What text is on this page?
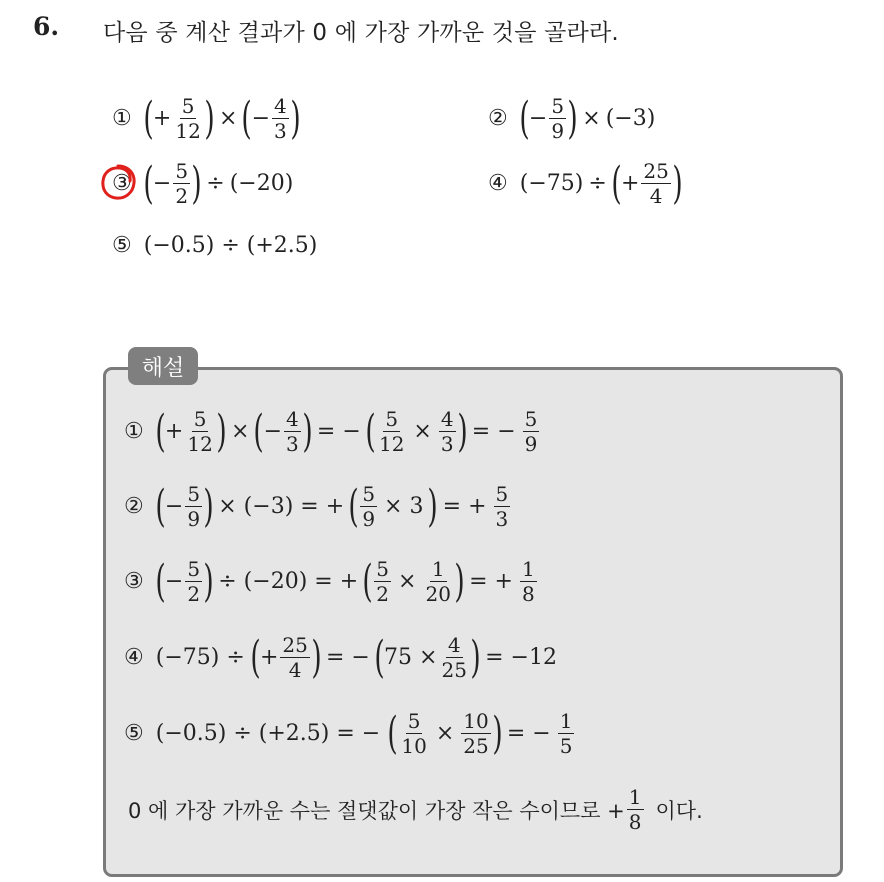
6. 다음 중 계산 결과가 0 에 가장 가까운 것을 골라라.
① ( + $\frac{5}{12}$ ) × ( − $\frac{4}{3}$ )	② ( − $\frac{5}{9}$ ) × (−3)
③ ( − $\frac{5}{2}$ ) ÷ (−20)	④ (−75) ÷ ( + $\frac{25}{4}$ )
⑤ (−0.5) ÷ (+2.5)
해설
① ( + $\frac{5}{12}$ ) × ( − $\frac{4}{3}$ ) = − ( $\frac{5}{12} \times \frac{4}{3}$ ) = − $\frac{5}{9}$
② ( − $\frac{5}{9}$ ) × (−3) = + ( $\frac{5}{9} \times 3$ ) = + $\frac{5}{3}$
③ ( − $\frac{5}{2}$ ) ÷ (−20) = + ( $\frac{5}{2} \times \frac{1}{20}$ ) = + $\frac{1}{8}$
④ (−75) ÷ ( + $\frac{25}{4}$ ) = − ( $75 \times \frac{4}{25}$ ) = −12
⑤ (−0.5) ÷ (+2.5) = − ( $\frac{5}{10} \times \frac{10}{25}$ ) = − $\frac{1}{5}$
0 에 가장 가까운 수는 절댓값이 가장 작은 수이므로 + $\frac{1}{8}$ 이다.
